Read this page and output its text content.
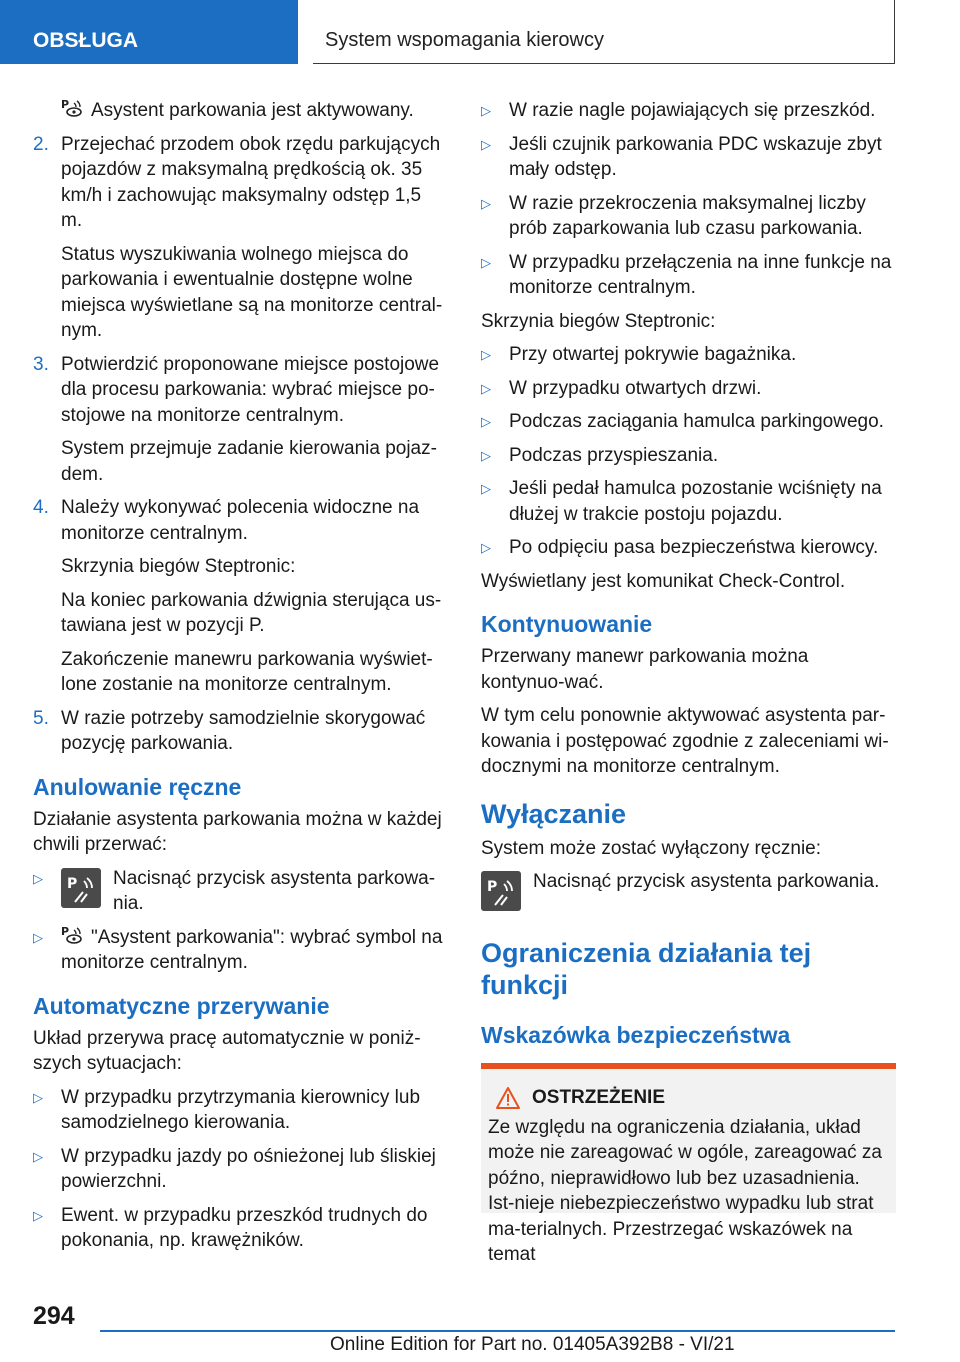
OBSŁUGA	System wspomagania kierowcy

P Asystent parkowania jest aktywowany.

2. Przejechać przodem obok rzędu parkujących pojazdów z maksymalną prędkością ok. 35 km/h i zachowując maksymalny odstęp 1,5 m.

Status wyszukiwania wolnego miejsca do parkowania i ewentualnie dostępne wolne miejsca wyświetlane są na monitorze central‐nym.

3. Potwierdzić proponowane miejsce postojowe dla procesu parkowania: wybrać miejsce po‐stojowe na monitorze centralnym.

System przejmuje zadanie kierowania pojaz‐dem.

4. Należy wykonywać polecenia widoczne na monitorze centralnym.

Skrzynia biegów Steptronic:

Na koniec parkowania dźwignia sterująca us‐tawiana jest w pozycji P.

Zakończenie manewru parkowania wyświet‐lone zostanie na monitorze centralnym.

5. W razie potrzeby samodzielnie skorygować pozycję parkowania.

Anulowanie ręczne

Działanie asystenta parkowania można w każdej chwili przerwać:

▷	P Nacisnąć przycisk asystenta parkowa‐nia.
▷	P "Asystent parkowania": wybrać symbol na monitorze centralnym.
Automatyczne przerywanie

Układ przerywa pracę automatycznie w poniż‐szych sytuacjach:

▷ W przypadku przytrzymania kierownicy lub samodzielnego kierowania.
▷ W przypadku jazdy po ośnieżonej lub śliskiej powierzchni.
▷ Ewent. w przypadku przeszkód trudnych do pokonania, np. krawężników.
▷ W razie nagle pojawiających się przeszkód.
▷ Jeśli czujnik parkowania PDC wskazuje zbyt mały odstęp.
▷ W razie przekroczenia maksymalnej liczby prób zaparkowania lub czasu parkowania.
▷ W przypadku przełączenia na inne funkcje na monitorze centralnym.

Skrzynia biegów Steptronic:

▷ Przy otwartej pokrywie bagażnika.
▷ W przypadku otwartych drzwi.
▷ Podczas zaciągania hamulca parkingowego.
▷ Podczas przyspieszania.
▷ Jeśli pedał hamulca pozostanie wciśnięty na dłużej w trakcie postoju pojazdu.
▷ Po odpięciu pasa bezpieczeństwa kierowcy.

Wyświetlany jest komunikat Check-Control.

Kontynuowanie

Przerwany manewr parkowania można kontynuo‐wać.

W tym celu ponownie aktywować asystenta par‐kowania i postępować zgodnie z zaleceniami wi‐docznymi na monitorze centralnym.

Wyłączanie

System może zostać wyłączony ręcznie:

P Nacisnąć przycisk asystenta parkowania.
Ograniczenia działania tej funkcji
Wskazówka bezpieczeństwa
OSTRZEŻENIE
Ze względu na ograniczenia działania, układ może nie zareagować w ogóle, zareagować za późno, nieprawidłowo lub bez uzasadnienia. Ist‐nieje niebezpieczeństwo wypadku lub strat ma‐terialnych. Przestrzegać wskazówek na temat
294
Online Edition for Part no. 01405A392B8 - VI/21
